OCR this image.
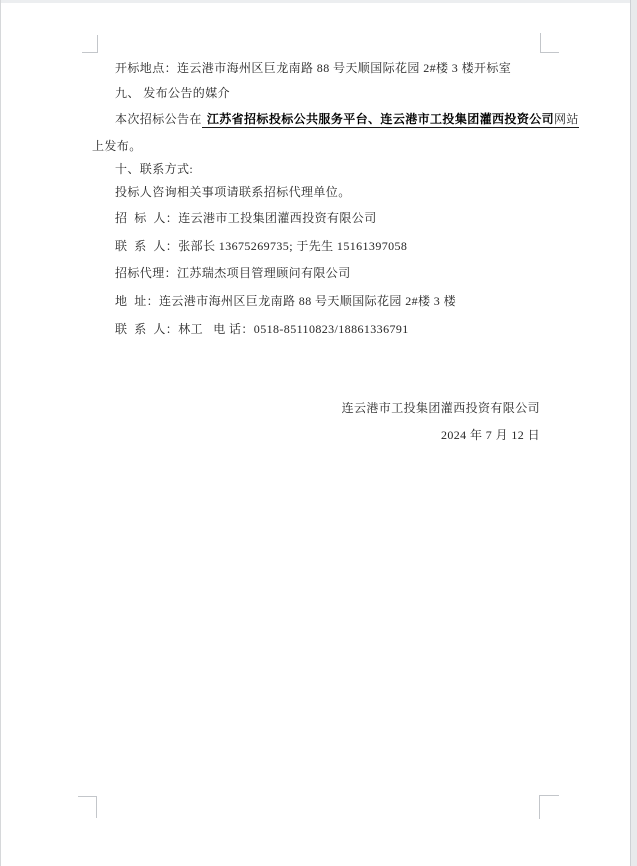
开标地点：连云港市海州区巨龙南路 88 号天顺国际花园 2#楼 3 楼开标室
九、 发布公告的媒介
本次招标公告在 江苏省招标投标公共服务平台、连云港市工投集团灌西投资公司网站
上发布。
十、联系方式:
投标人咨询相关事项请联系招标代理单位。
招  标  人：连云港市工投集团灌西投资有限公司
联  系  人：张部长 13675269735; 于先生 15161397058
招标代理：江苏瑞杰项目管理顾问有限公司
地  址：连云港市海州区巨龙南路 88 号天顺国际花园 2#楼 3 楼
联  系  人：林工   电 话：0518-85110823/18861336791
连云港市工投集团灌西投资有限公司
2024 年 7 月 12 日
